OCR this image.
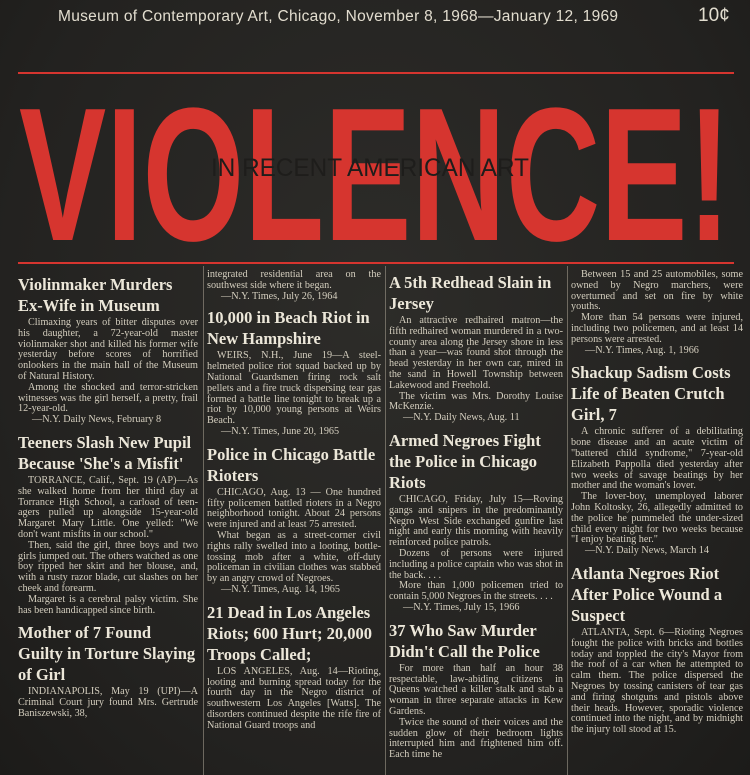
Museum of Contemporary Art, Chicago, November 8, 1968—January 12, 1969	10¢
VIOLENCE!
IN RECENT AMERICAN ART
Violinmaker Murders Ex-Wife in Museum

Climaxing years of bitter disputes over his daughter, a 72-year-old master violinmaker shot and killed his former wife yesterday before scores of horrified onlookers in the main hall of the Museum of Natural History.

Among the shocked and terror-stricken witnesses was the girl herself, a pretty, frail 12-year-old.

—N.Y. Daily News, February 8

Teeners Slash New Pupil Because 'She's a Misfit'

TORRANCE, Calif., Sept. 19 (AP)—As she walked home from her third day at Torrance High School, a carload of teen-agers pulled up alongside 15-year-old Margaret Mary Little. One yelled: "We don't want misfits in our school."

Then, said the girl, three boys and two girls jumped out. The others watched as one boy ripped her skirt and her blouse, and, with a rusty razor blade, cut slashes on her cheek and forearm.

Margaret is a cerebral palsy victim. She has been handicapped since birth.

Mother of 7 Found Guilty in Torture Slaying of Girl

INDIANAPOLIS, May 19 (UPI)—A Criminal Court jury found Mrs. Gertrude Baniszewski, 38,

integrated residential area on the southwest side where it began.

—N.Y. Times, July 26, 1964

10,000 in Beach Riot in New Hampshire

WEIRS, N.H., June 19—A steel-helmeted police riot squad backed up by National Guardsmen firing rock salt pellets and a fire truck dispersing tear gas formed a battle line tonight to break up a riot by 10,000 young persons at Weirs Beach.

—N.Y. Times, June 20, 1965

Police in Chicago Battle Rioters

CHICAGO, Aug. 13 — One hundred fifty policemen battled rioters in a Negro neighborhood tonight. About 24 persons were injured and at least 75 arrested.

What began as a street-corner civil rights rally swelled into a looting, bottle-tossing mob after a white, off-duty policeman in civilian clothes was stabbed by an angry crowd of Negroes.

—N.Y. Times, Aug. 14, 1965

21 Dead in Los Angeles Riots; 600 Hurt; 20,000 Troops Called;

LOS ANGELES, Aug. 14—Rioting, looting and burning spread today for the fourth day in the Negro district of southwestern Los Angeles [Watts]. The disorders continued despite the rife fire of National Guard troops and

A 5th Redhead Slain in Jersey

An attractive redhaired matron—the fifth redhaired woman murdered in a two-county area along the Jersey shore in less than a year—was found shot through the head yesterday in her own car, mired in the sand in Howell Township between Lakewood and Freehold.

The victim was Mrs. Dorothy Louise McKenzie.

—N.Y. Daily News, Aug. 11

Armed Negroes Fight the Police in Chicago Riots

CHICAGO, Friday, July 15—Roving gangs and snipers in the predominantly Negro West Side exchanged gunfire last night and early this morning with heavily reinforced police patrols.

Dozens of persons were injured including a police captain who was shot in the back. . . .

More than 1,000 policemen tried to contain 5,000 Negroes in the streets. . . .

—N.Y. Times, July 15, 1966

37 Who Saw Murder Didn't Call the Police

For more than half an hour 38 respectable, law-abiding citizens in Queens watched a killer stalk and stab a woman in three separate attacks in Kew Gardens.

Twice the sound of their voices and the sudden glow of their bedroom lights interrupted him and frightened him off. Each time he

Between 15 and 25 automobiles, some owned by Negro marchers, were overturned and set on fire by white youths.

More than 54 persons were injured, including two policemen, and at least 14 persons were arrested.

—N.Y. Times, Aug. 1, 1966

Shackup Sadism Costs Life of Beaten Crutch Girl, 7

A chronic sufferer of a debilitating bone disease and an acute victim of "battered child syndrome," 7-year-old Elizabeth Pappolla died yesterday after two weeks of savage beatings by her mother and the woman's lover.

The lover-boy, unemployed laborer John Koltosky, 26, allegedly admitted to the police he pummeled the under-sized child every night for two weeks because "I enjoy beating her."

—N.Y. Daily News, March 14

Atlanta Negroes Riot After Police Wound a Suspect

ATLANTA, Sept. 6—Rioting Negroes fought the police with bricks and bottles today and toppled the city's Mayor from the roof of a car when he attempted to calm them. The police dispersed the Negroes by tossing canisters of tear gas and firing shotguns and pistols above their heads. However, sporadic violence continued into the night, and by midnight the injury toll stood at 15.
